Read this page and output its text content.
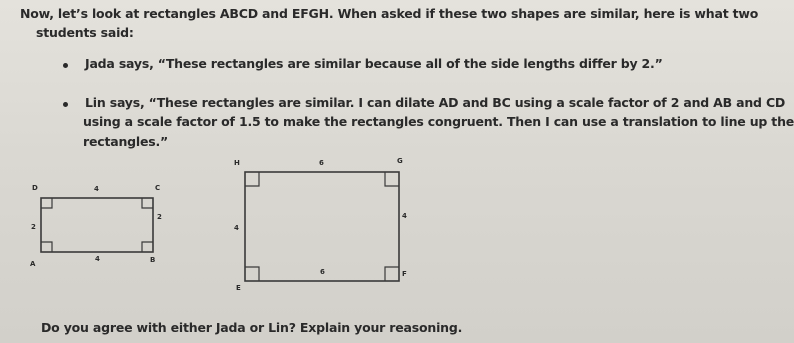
Now, let’s look at rectangles ABCD and EFGH. When asked if these two shapes are similar, here is what two
students said:
Jada says, “These rectangles are similar because all of the side lengths differ by 2.”
Lin says, “These rectangles are similar. I can dilate AD and BC using a scale factor of 2 and AB and CD
using a scale factor of 1.5 to make the rectangles congruent. Then I can use a translation to line up the
rectangles.”
D	C
A	B
4
4
2
2
H	G
E
F
6
6
4
4
Do you agree with either Jada or Lin? Explain your reasoning.
